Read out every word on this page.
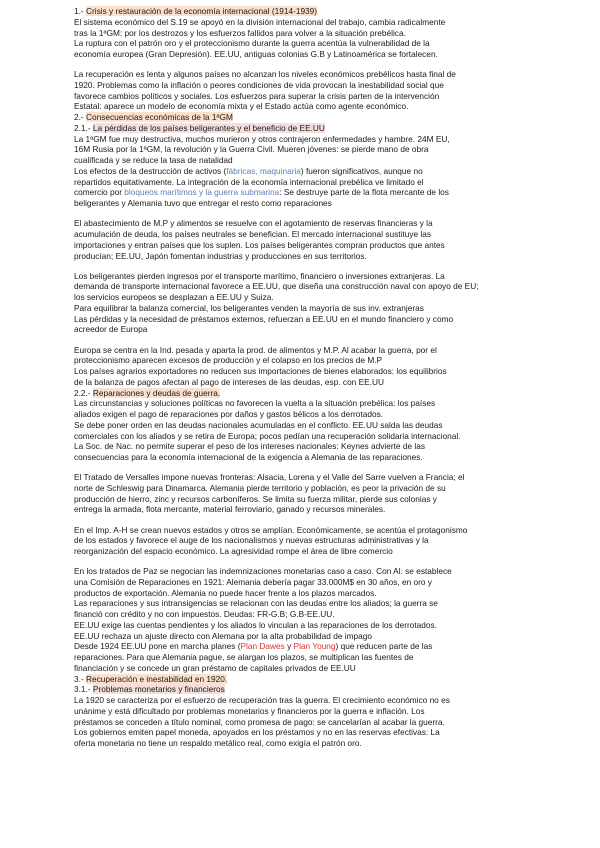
1.- Crisis y restauración de la economía internacional (1914-1939)

El sistema económico del S.19 se apoyó en la división internacional del trabajo, cambia radicalmente

tras la 1ªGM: por los destrozos y los esfuerzos fallidos para volver a la situación prebélica.

La ruptura con el patrón oro y el proteccionismo durante la guerra acentúa la vulnerabilidad de la

economía europea (Gran Depresión). EE.UU, antiguas colonias G.B y Latinoamérica se fortalecen.

La recuperación es lenta y algunos países no alcanzan los niveles económicos prebélicos hasta final de

1920. Problemas como la inflación o peores condiciones de vida provocan la inestabilidad social que

favorece cambios políticos y sociales. Los esfuerzos para superar la crisis parten de la intervención

Estatal: aparece un modelo de economía mixta y el Estado actúa como agente económico.

2.- Consecuencias económicas de la 1ªGM

2.1.- La pérdidas de los países beligerantes y el beneficio de EE.UU

La 1ªGM fue muy destructiva, muchos murieron y otros contrajeron enfermedades y hambre. 24M EU,

16M Rusia por la 1ªGM, la revolución y la Guerra Civil. Mueren jóvenes: se pierde mano de obra

cualificada y se reduce la tasa de natalidad

Los efectos de la destrucción de activos (fábricas, maquinaria) fueron significativos, aunque no

repartidos equitativamente. La integración de la economía internacional prebélica ve limitado el

comercio por bloqueos marítimos y la guerra submarina: Se destruye parte de la flota mercante de los

beligerantes y Alemania tuvo que entregar el resto como reparaciones

El abastecimiento de M.P y alimentos se resuelve con el agotamiento de reservas financieras y la

acumulación de deuda, los países neutrales se benefician. El mercado internacional sustituye las

importaciones y entran países que los suplen. Los países beligerantes compran productos que antes

producían; EE.UU, Japón fomentan industrias y producciones en sus territorios.

Los beligerantes pierden ingresos por el transporte marítimo, financiero o inversiones extranjeras. La

demanda de transporte internacional favorece a EE.UU, que diseña una construcción naval con apoyo de EU;

los servicios europeos se desplazan a EE.UU y Suiza.

Para equilibrar la balanza comercial, los beligerantes venden la mayoría de sus inv. extranjeras

Las pérdidas y la necesidad de préstamos externos, refuerzan a EE.UU en el mundo financiero y como

acreedor de Europa

Europa se centra en la Ind. pesada y aparta la prod. de alimentos y M.P. Al acabar la guerra, por el

proteccionismo aparecen excesos de producción y el colapso en los precios de M.P

Los países agrarios exportadores no reducen sus importaciones de bienes elaborados: los equilibrios

de la balanza de pagos afectan al pago de intereses de las deudas, esp. con EE.UU

2.2.- Reparaciones y deudas de guerra.

Las circunstancias y soluciones políticas no favorecen la vuelta a la situación prebélica: los países

aliados exigen el pago de reparaciones por daños y gastos bélicos a los derrotados.

Se debe poner orden en las deudas nacionales acumuladas en el conflicto. EE.UU salda las deudas

comerciales con los aliados y se retira de Europa; pocos pedían una recuperación solidaria internacional.

La Soc. de Nac. no permite superar el peso de los intereses nacionales: Keynes advierte de las

consecuencias para la economía internacional de la exigencia a Alemania de las reparaciones.

El Tratado de Versalles impone nuevas fronteras: Alsacia, Lorena y el Valle del Sarre vuelven a Francia; el

norte de Schleswig para Dinamarca. Alemania pierde territorio y población, es peor la privación de su

producción de hierro, zinc y recursos carboníferos. Se limita su fuerza militar, pierde sus colonias y

entrega la armada, flota mercante, material ferroviario, ganado y recursos minerales.

En el Imp. A-H se crean nuevos estados y otros se amplían. Económicamente, se acentúa el protagonismo

de los estados y favorece el auge de los nacionalismos y nuevas estructuras administrativas y la

reorganización del espacio económico. La agresividad rompe el área de libre comercio

En los tratados de Paz se negocian las indemnizaciones monetarias caso a caso. Con Al. se establece

una Comisión de Reparaciones en 1921: Alemania debería pagar 33.000M$ en 30 años, en oro y

productos de exportación. Alemania no puede hacer frente a los plazos marcados.

Las reparaciones y sus intransigencias se relacionan con las deudas entre los aliados; la guerra se

financió con crédito y no con impuestos. Deudas: FR-G.B; G.B-EE.UU.

EE.UU exige las cuentas pendientes y los aliados lo vinculan a las reparaciones de los derrotados.

EE.UU rechaza un ajuste directo con Alemana por la alta probabilidad de impago

Desde 1924 EE.UU pone en marcha planes (Plan Dawes y Plan Young) que reducen parte de las

reparaciones. Para que Alemania pague, se alargan los plazos, se multiplican las fuentes de

financiación y se concede un gran préstamo de capitales privados de EE.UU

3.- Recuperación e inestabilidad en 1920.

3.1.- Problemas monetarios y financieros

La 1920 se caracteriza por el esfuerzo de recuperación tras la guerra. El crecimiento económico no es

unánime y está dificultado por problemas monetarios y financieros por la guerra e inflación. Los

préstamos se conceden a título nominal, como promesa de pago: se cancelarían al acabar la guerra.

Los gobiernos emiten papel moneda, apoyados en los préstamos y no en las reservas efectivas: La

oferta monetaria no tiene un respaldo metálico real, como exigía el patrón oro.
